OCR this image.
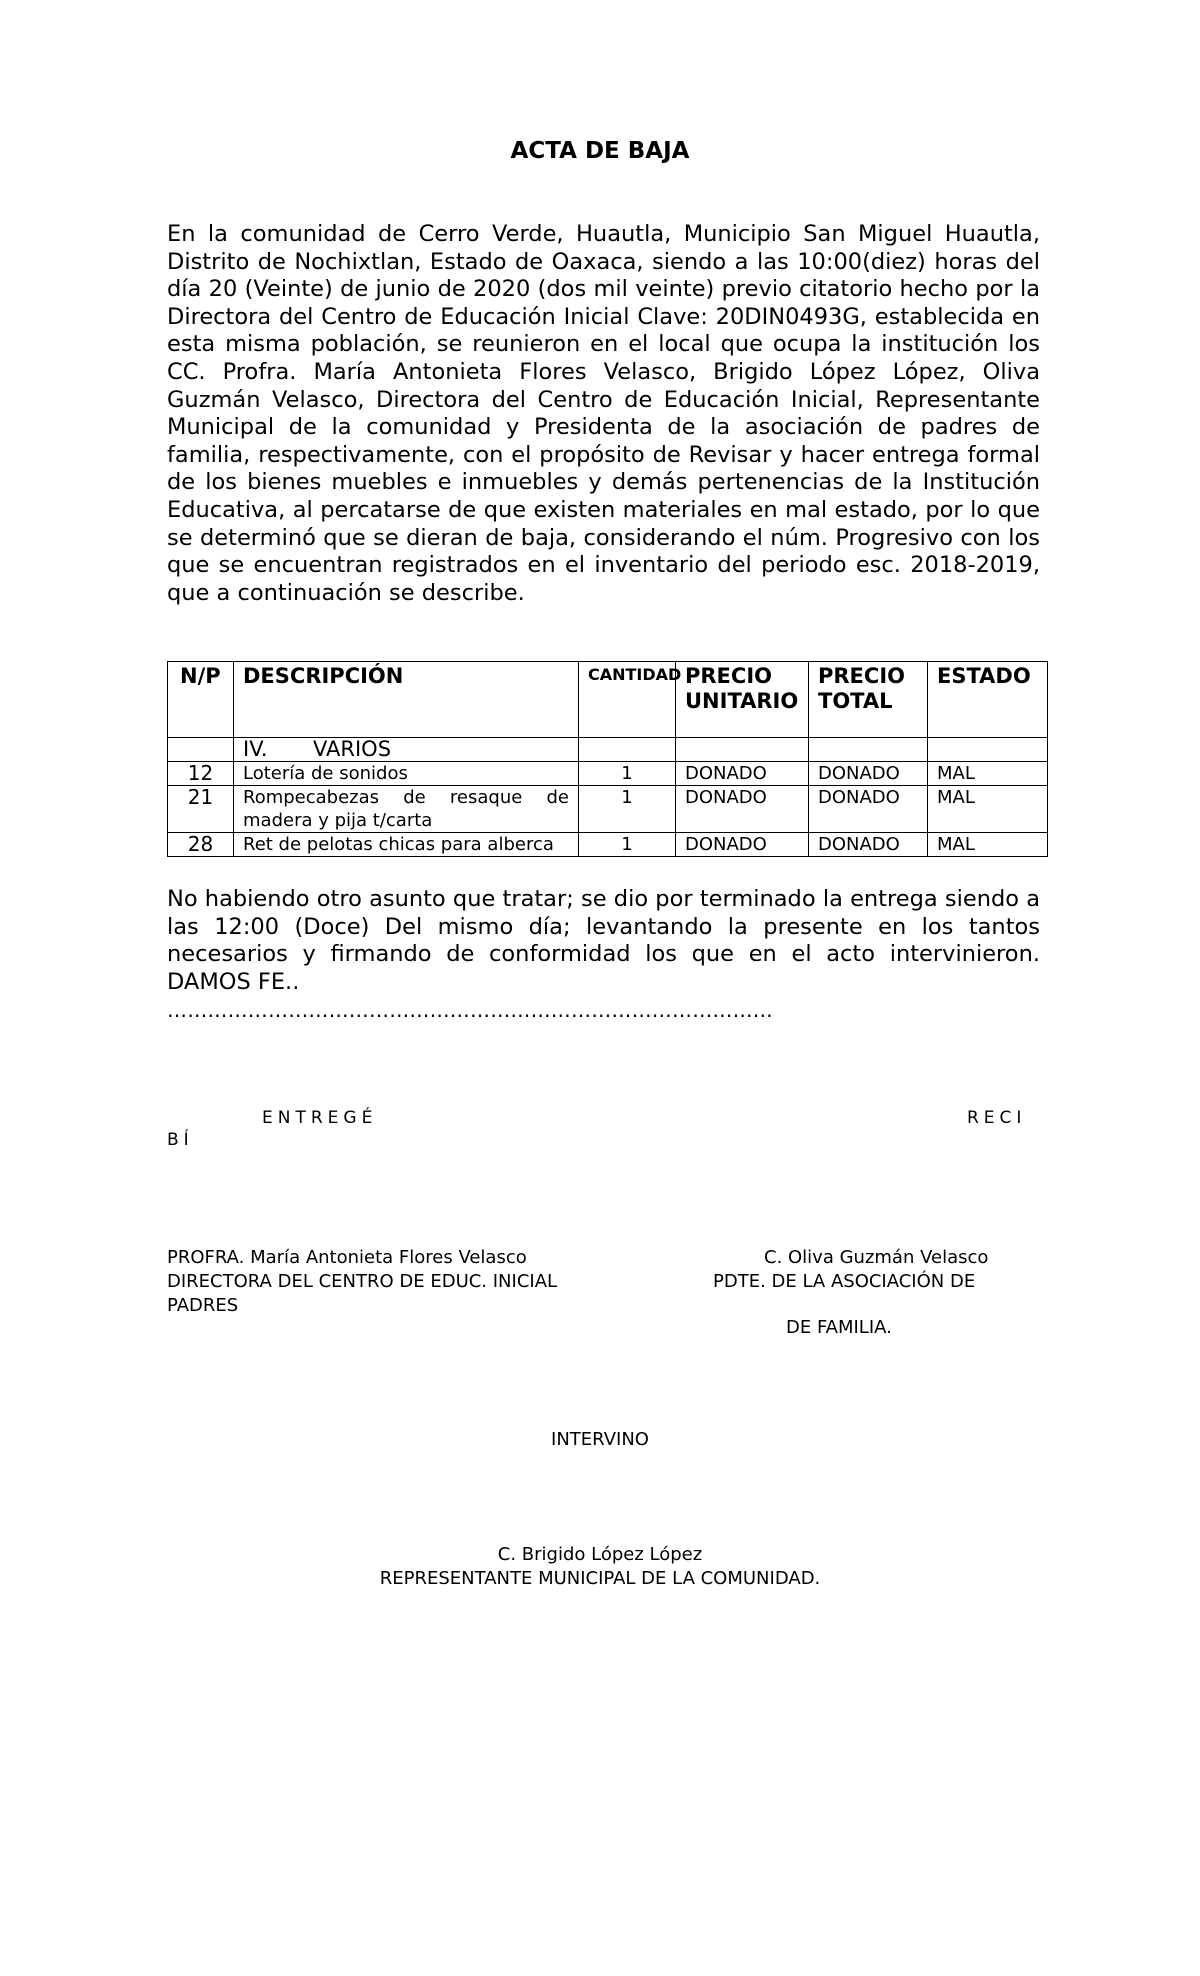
ACTA DE BAJA
En la comunidad de Cerro Verde, Huautla, Municipio San Miguel Huautla, Distrito de Nochixtlan, Estado de Oaxaca, siendo a las 10:00(diez) horas del día 20 (Veinte) de junio de 2020 (dos mil veinte) previo citatorio hecho por la Directora del Centro de Educación Inicial Clave: 20DIN0493G, establecida en esta misma población, se reunieron en el local que ocupa la institución los CC. Profra. María Antonieta Flores Velasco, Brigido López López, Oliva Guzmán Velasco, Directora del Centro de Educación Inicial, Representante Municipal de la comunidad y Presidenta de la asociación de padres de familia, respectivamente, con el propósito de Revisar y hacer entrega formal de los bienes muebles e inmuebles y demás pertenencias de la Institución Educativa, al percatarse de que existen materiales en mal estado, por lo que se determinó que se dieran de baja, considerando el núm. Progresivo con los que se encuentran registrados en el inventario del periodo esc. 2018-2019, que a continuación se describe.
N/P	DESCRIPCIÓN	CANTIDAD	PRECIO UNITARIO	PRECIO TOTAL	ESTADO
	IV. VARIOS				
12	Lotería de sonidos	1	DONADO	DONADO	MAL
21	Rompecabezas de resaque de madera y pija t/carta	1	DONADO	DONADO	MAL
28	Ret de pelotas chicas para alberca	1	DONADO	DONADO	MAL
No habiendo otro asunto que tratar; se dio por terminado la entrega siendo a las 12:00 (Doce) Del mismo día; levantando la presente en los tantos necesarios y firmando de conformidad los que en el acto intervinieron. DAMOS FE..
………………………………………………………………………………
ENTREGÉ	RECI
BÍ
PROFRA. María Antonieta Flores Velasco
DIRECTORA DEL CENTRO DE EDUC. INICIAL
PADRES
C. Oliva Guzmán Velasco
PDTE. DE LA ASOCIACIÓN DE
DE FAMILIA.
INTERVINO
C. Brigido López López
REPRESENTANTE MUNICIPAL DE LA COMUNIDAD.
